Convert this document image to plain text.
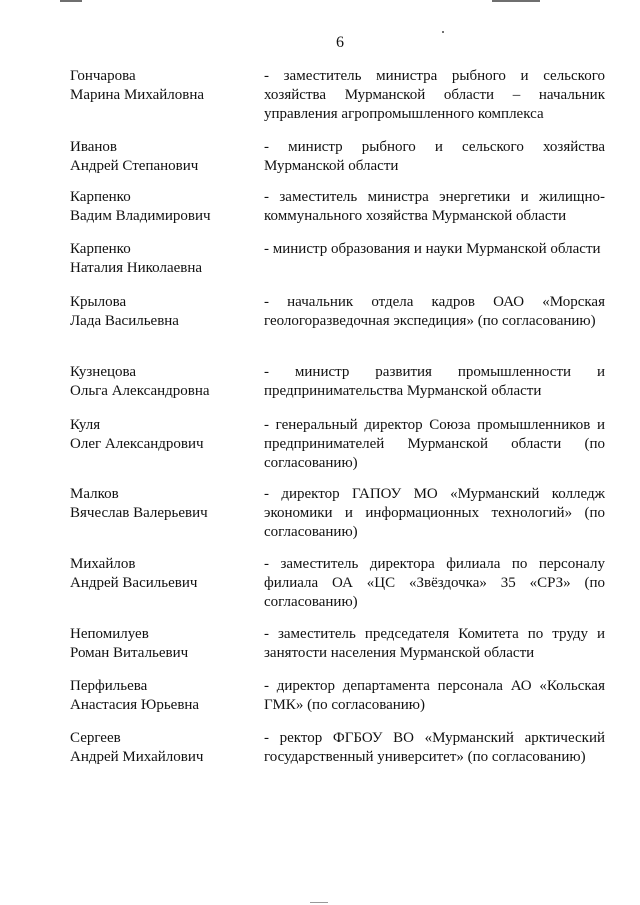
6
Гончарова
Марина Михайловна
- заместитель министра рыбного и сельского хозяйства Мурманской области – начальник управления агропромышленного комплекса
Иванов
Андрей Степанович
- министр рыбного и сельского хозяйства Мурманской области
Карпенко
Вадим Владимирович
- заместитель министра энергетики и жилищно-коммунального хозяйства Мурманской области
Карпенко
Наталия Николаевна
- министр образования и науки Мурманской области
Крылова
Лада Васильевна
- начальник отдела кадров ОАО «Морская геологоразведочная экспедиция» (по согласованию)
Кузнецова
Ольга Александровна
- министр развития промышленности и предпринимательства Мурманской области
Куля
Олег Александрович
- генеральный директор Союза промышленников и предпринимателей Мурманской области (по согласованию)
Малков
Вячеслав Валерьевич
- директор ГАПОУ МО «Мурманский колледж экономики и информационных технологий» (по согласованию)
Михайлов
Андрей Васильевич
- заместитель директора филиала по персоналу филиала ОА «ЦС «Звёздочка» 35 «СРЗ» (по согласованию)
Непомилуев
Роман Витальевич
- заместитель председателя Комитета по труду и занятости населения Мурманской области
Перфильева
Анастасия Юрьевна
- директор департамента персонала АО «Кольская ГМК» (по согласованию)
Сергеев
Андрей Михайлович
- ректор ФГБОУ ВО «Мурманский арктический государственный университет» (по согласованию)
